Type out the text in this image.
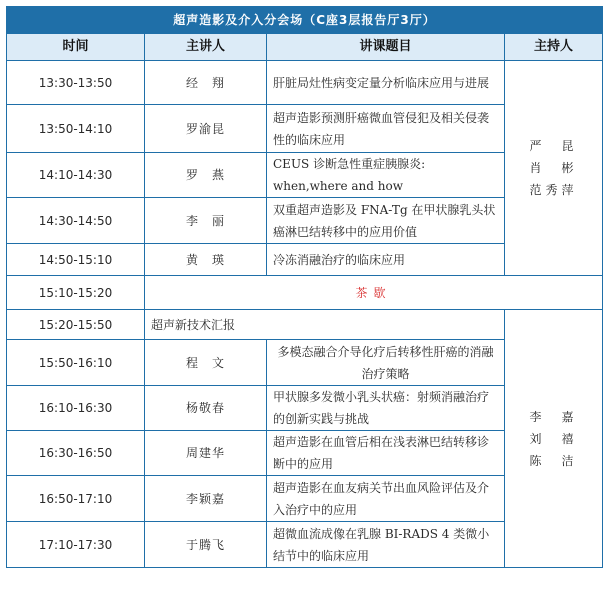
超声造影及介入分会场（C座3层报告厅3厅）			
时间	主讲人	讲课题目	主持人
13:30-13:50	经　翔	肝脏局灶性病变定量分析临床应用与进展	严　昆
肖　彬
范秀萍

13:50-14:10	罗渝昆	超声造影预测肝癌微血管侵犯及相关侵袭性的临床应用	
14:10-14:30	罗　燕	CEUS 诊断急性重症胰腺炎: when,where and how	
14:30-14:50	李　丽	双重超声造影及 FNA-Tg 在甲状腺乳头状癌淋巴结转移中的应用价值	
14:50-15:10	黄　瑛	冷冻消融治疗的临床应用	
15:10-15:20	茶歇		
15:20-15:50	超声新技术汇报		李　嘉
刘　禧
陈　洁

15:50-16:10	程　文	多模态融合介导化疗后转移性肝癌的消融治疗策略	
16:10-16:30	杨敬春	甲状腺多发微小乳头状癌：射频消融治疗的创新实践与挑战	
16:30-16:50	周建华	超声造影在血管后相在浅表淋巴结转移诊断中的应用	
16:50-17:10	李颖嘉	超声造影在血友病关节出血风险评估及介入治疗中的应用	
17:10-17:30	于腾飞	超微血流成像在乳腺 BI-RADS 4 类微小结节中的临床应用	
